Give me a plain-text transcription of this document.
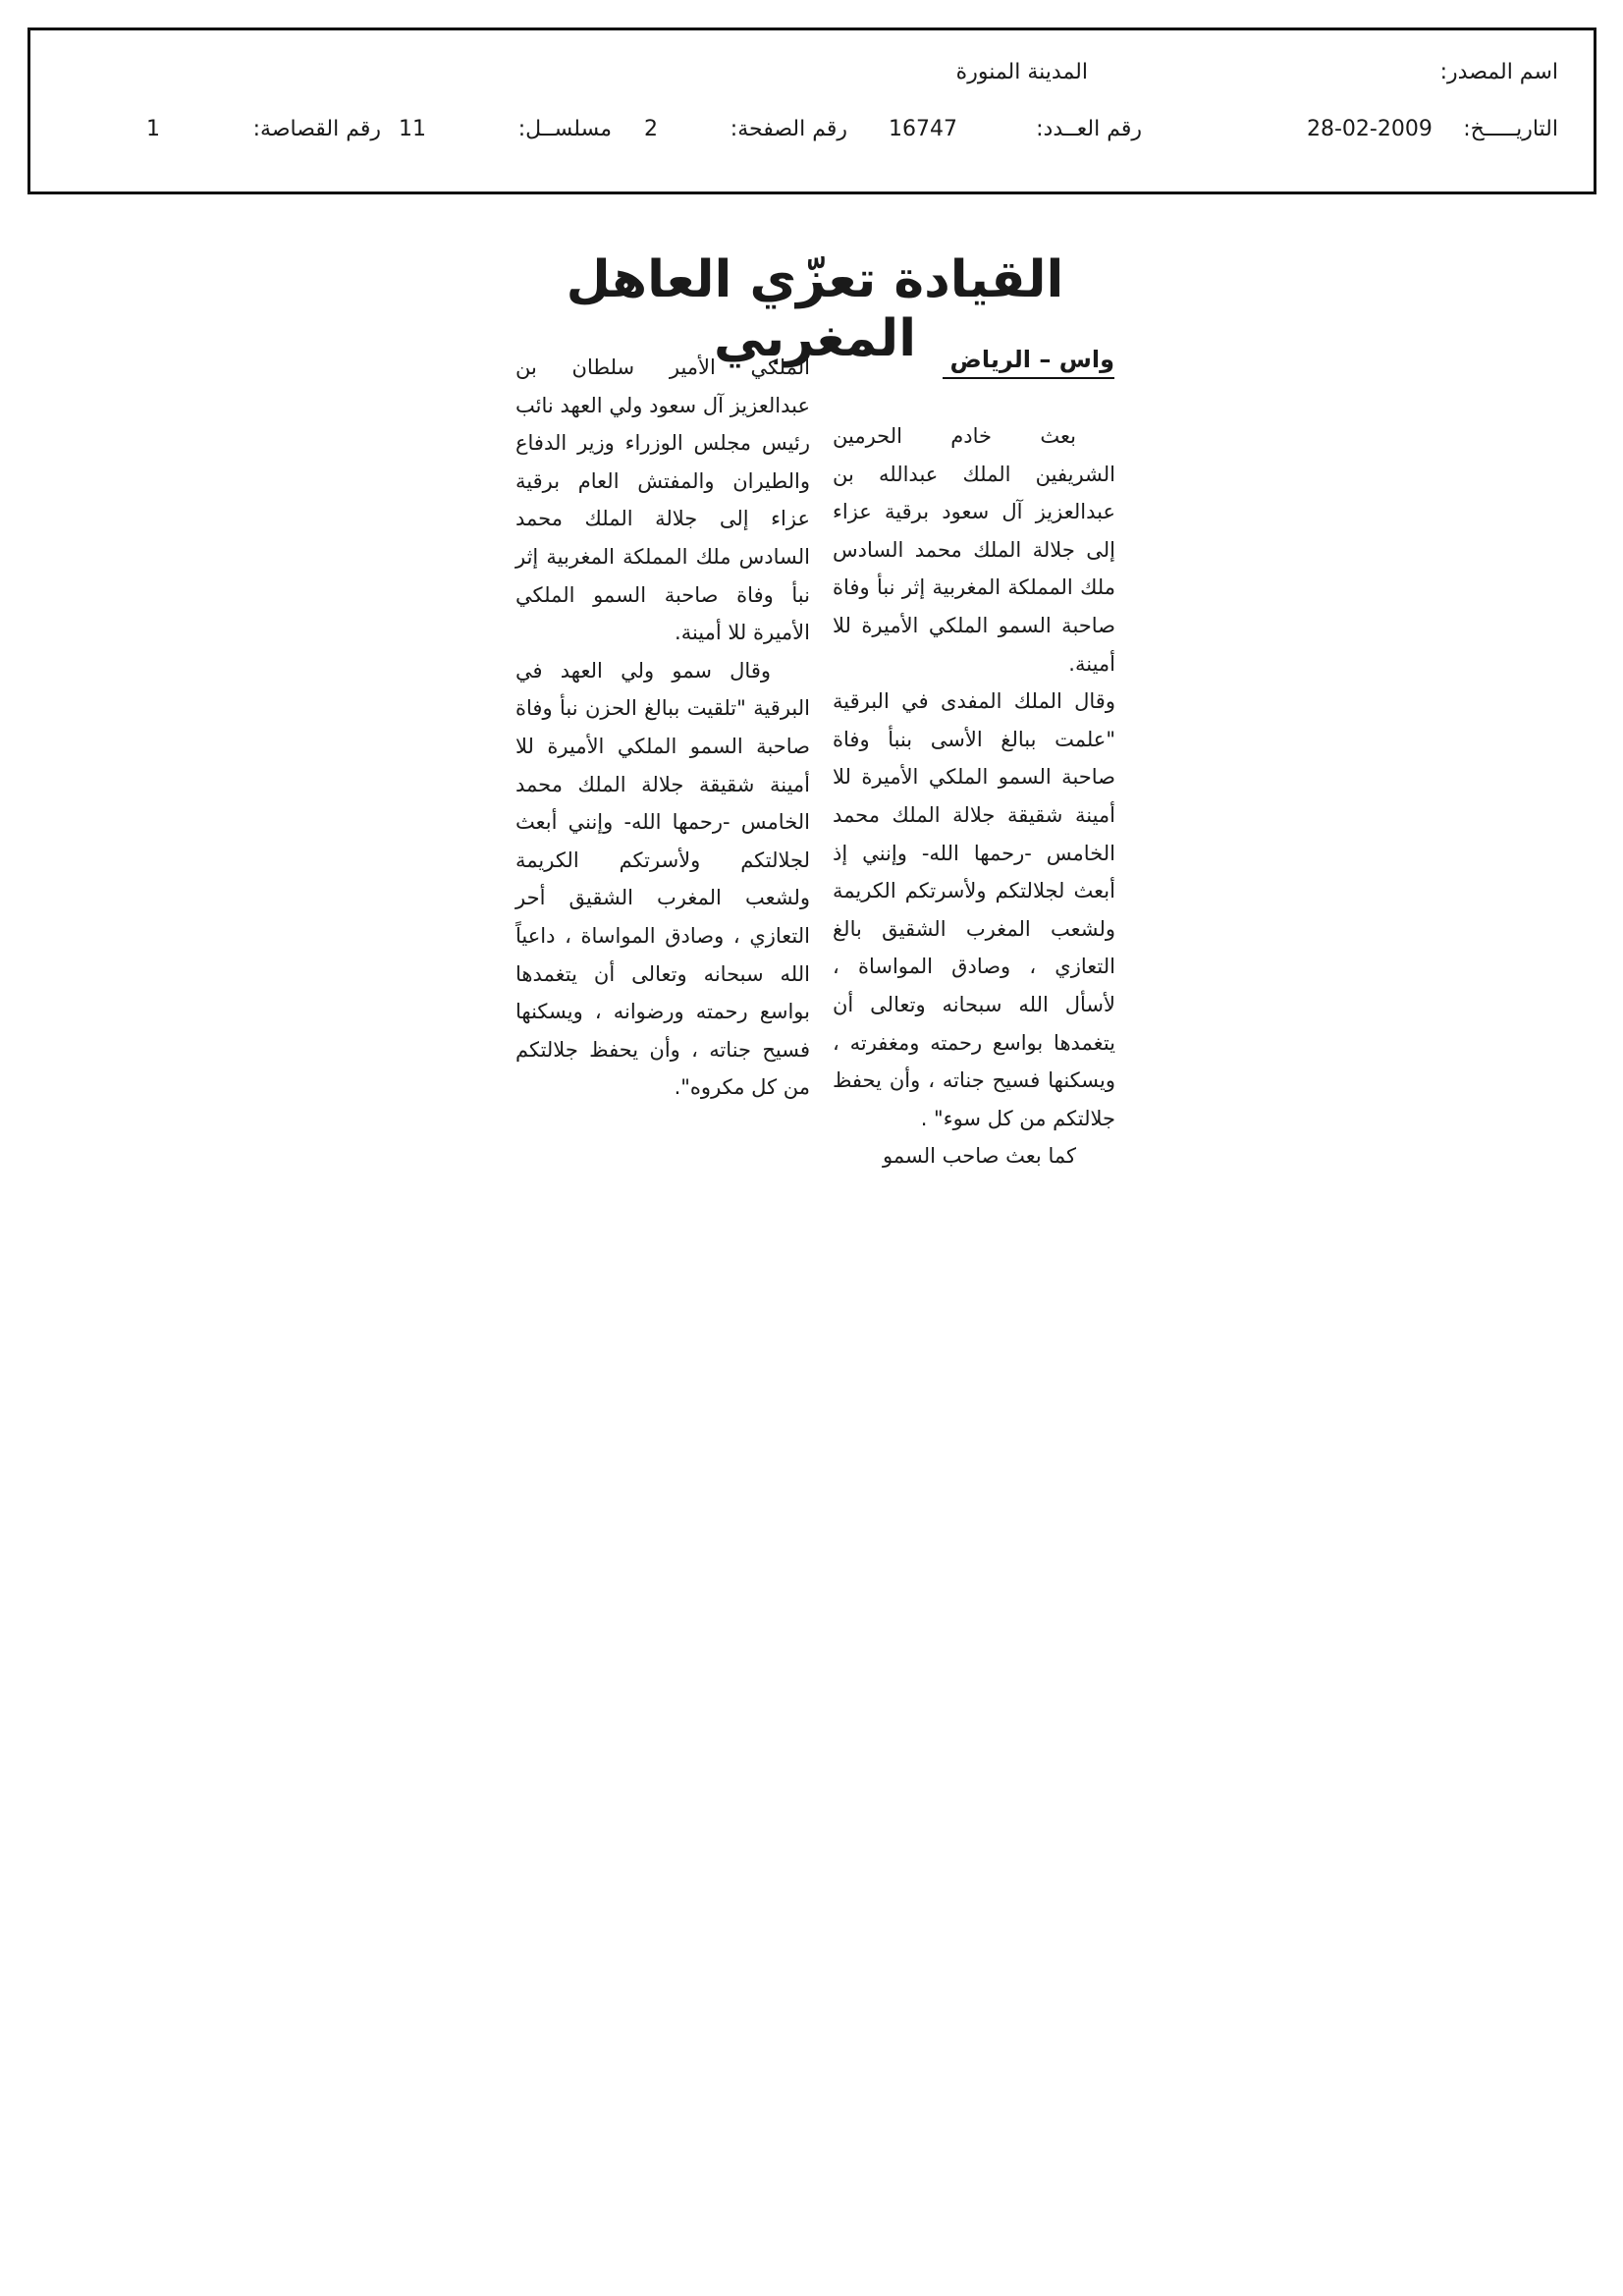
اسم المصدر:
المدينة المنورة
التاريـــــخ:
28-02-2009
رقم العــدد:
16747
رقم الصفحة:
2
مسلســل:
11
رقم القصاصة:
1
القيادة تعزّي العاهل المغربي	واس – الرياض

بعث خادم الحرمين الشريفين الملك عبدالله بن عبدالعزيز آل سعود برقية عزاء إلى جلالة الملك محمد السادس ملك المملكة المغربية إثر نبأ وفاة صاحبة السمو الملكي الأميرة للا أمينة.

وقال الملك المفدى في البرقية "علمت ببالغ الأسى بنبأ وفاة صاحبة السمو الملكي الأميرة للا أمينة شقيقة جلالة الملك محمد الخامس -رحمها الله- وإنني إذ أبعث لجلالتكم ولأسرتكم الكريمة ولشعب المغرب الشقيق بالغ التعازي ، وصادق المواساة ، لأسأل الله سبحانه وتعالى أن يتغمدها بواسع رحمته ومغفرته ، ويسكنها فسيح جناته ، وأن يحفظ جلالتكم من كل سوء" .

كما بعث صاحب السمو

الملكي الأمير سلطان بن عبدالعزيز آل سعود ولي العهد نائب رئيس مجلس الوزراء وزير الدفاع والطيران والمفتش العام برقية عزاء إلى جلالة الملك محمد السادس ملك المملكة المغربية إثر نبأ وفاة صاحبة السمو الملكي الأميرة للا أمينة.

وقال سمو ولي العهد في البرقية "تلقيت ببالغ الحزن نبأ وفاة صاحبة السمو الملكي الأميرة للا أمينة شقيقة جلالة الملك محمد الخامس -رحمها الله- وإنني أبعث لجلالتكم ولأسرتكم الكريمة ولشعب المغرب الشقيق أحر التعازي ، وصادق المواساة ، داعياً الله سبحانه وتعالى أن يتغمدها بواسع رحمته ورضوانه ، ويسكنها فسيح جناته ، وأن يحفظ جلالتكم من كل مكروه".
